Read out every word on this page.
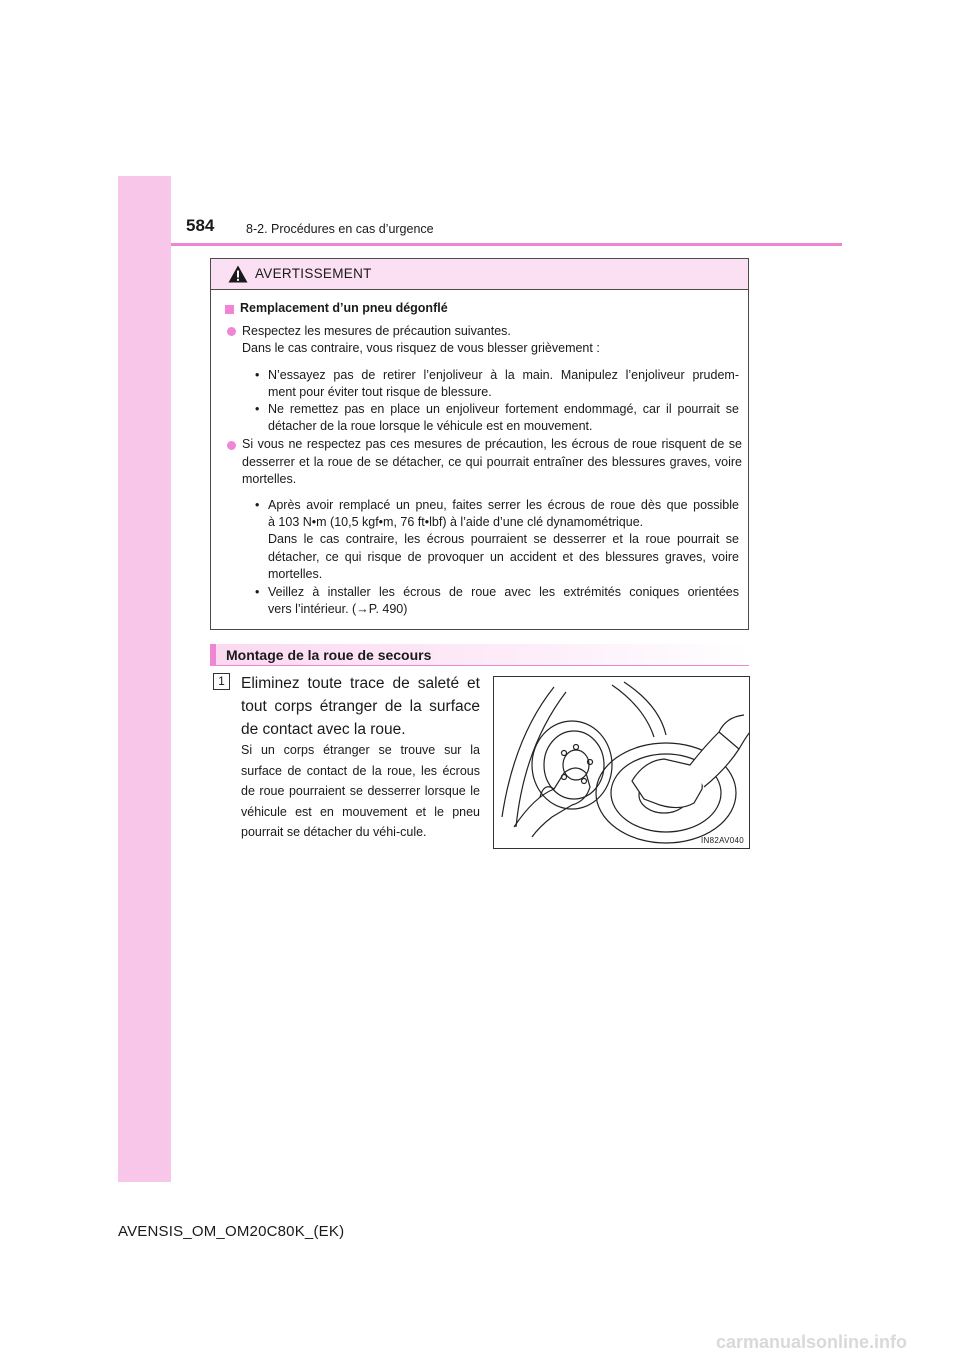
584	8-2. Procédures en cas d’urgence
AVERTISSEMENT
Remplacement d’un pneu dégonflé
Respectez les mesures de précaution suivantes.
Dans le cas contraire, vous risquez de vous blesser grièvement :
• N’essayez pas de retirer l’enjoliveur à la main. Manipulez l’enjoliveur prudem-
ment pour éviter tout risque de blessure.
• Ne remettez pas en place un enjoliveur fortement endommagé, car il pourrait se
détacher de la roue lorsque le véhicule est en mouvement.
Si vous ne respectez pas ces mesures de précaution, les écrous de roue risquent de se desserrer et la roue de se détacher, ce qui pourrait entraîner des blessures graves, voire mortelles.
• Après avoir remplacé un pneu, faites serrer les écrous de roue dès que possible
à 103 N•m (10,5 kgf•m, 76 ft•lbf) à l’aide d’une clé dynamométrique.
Dans le cas contraire, les écrous pourraient se desserrer et la roue pourrait se détacher, ce qui risque de provoquer un accident et des blessures graves, voire mortelles.
• Veillez à installer les écrous de roue avec les extrémités coniques orientées
vers l’intérieur. (→P. 490)
Montage de la roue de secours
1	Eliminez toute trace de saleté et tout corps étranger de la surface de contact avec la roue.
Si un corps étranger se trouve sur la surface de contact de la roue, les écrous de roue pourraient se desserrer lorsque le véhicule est en mouvement et le pneu pourrait se détacher du véhi-cule.
IN82AV040
AVENSIS_OM_OM20C80K_(EK)
carmanualsonline.info
